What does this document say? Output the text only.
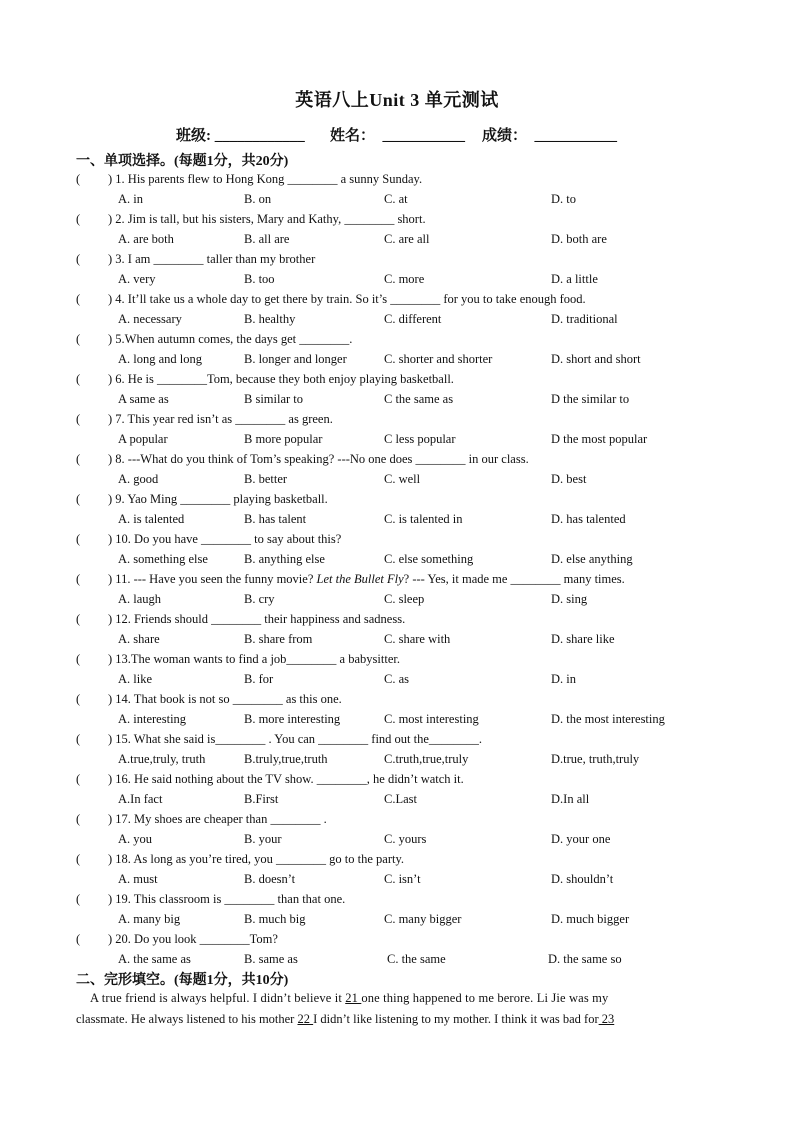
英语八上Unit 3 单元测试
班级: ____________ 姓名：  ___________ 成绩：  ___________
一、单项选择。(每题1分，共20分)
( ) 1. His parents flew to Hong Kong ________ a sunny Sunday.
A. in	B. on	C. at	D. to
( ) 2. Jim is tall, but his sisters, Mary and Kathy, ________ short.
A. are both	B. all are	C. are all	D. both are
( ) 3. I am ________ taller than my brother
A. very	B. too	C. more	D. a little
( ) 4. It’ll take us a whole day to get there by train. So it’s ________ for you to take enough food.
A. necessary	B. healthy	C. different	D. traditional
( ) 5.When autumn comes, the days get ________.
A. long and long	B. longer and longer	C. shorter and shorter	D. short and short
( ) 6. He is ________Tom, because they both enjoy playing basketball.
A same as	B similar to	C the same as	D the similar to
( ) 7. This year red isn’t as ________ as green.
A popular	B more popular	C less popular	D the most popular
( ) 8. ---What do you think of Tom’s speaking? ---No one does ________ in our class.
A. good	B. better	C. well	D. best
( ) 9. Yao Ming ________ playing basketball.
A. is talented	B. has talent	C. is talented in	D. has talented
( ) 10. Do you have ________ to say about this?
A. something else	B. anything else	C. else something	D. else anything
( ) 11. --- Have you seen the funny movie? Let the Bullet Fly? --- Yes, it made me ________ many times.
A. laugh	B. cry	C. sleep	D. sing
( ) 12. Friends should ________ their happiness and sadness.
A. share	B. share from	C. share with	D. share like
( ) 13.The woman wants to find a job________ a babysitter.
A. like	B. for	C. as	D. in
( ) 14. That book is not so ________ as this one.
A. interesting	B. more interesting	C. most interesting	D. the most interesting
( ) 15. What she said is________ . You can ________ find out the________.
A.true,truly, truth	B.truly,true,truth	C.truth,true,truly	D.true, truth,truly
( ) 16. He said nothing about the TV show. ________, he didn’t watch it.
A.In fact	B.First	C.Last	D.In all
( ) 17. My shoes are cheaper than ________ .
A. you	B. your	C. yours	D. your one
( ) 18. As long as you’re tired, you ________ go to the party.
A. must	B. doesn’t	C. isn’t	D. shouldn’t
( ) 19. This classroom is ________ than that one.
A. many big	B. much big	C. many bigger	D. much bigger
( ) 20. Do you look ________Tom?
A. the same as	B. same as	C. the same	D. the same so
二、完形填空。(每题1分，共10分)
A true friend is always helpful. I didn’t believe it 21 one thing happened to me berore. Li Jie was my
classmate. He always listened to his mother 22 I didn’t like listening to my mother. I think it was bad for 23
